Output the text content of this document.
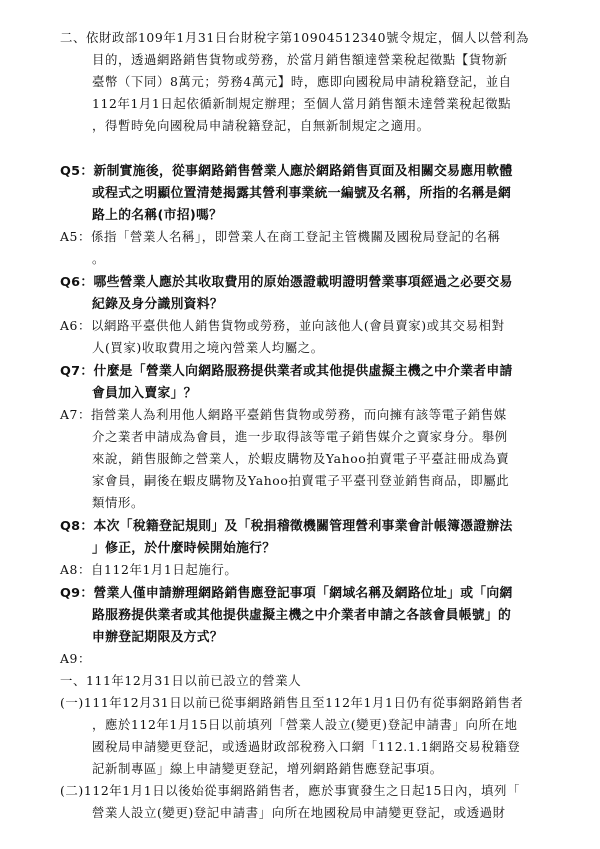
二、依財政部109年1月31日台財稅字第10904512340號令規定，個人以營利為
目的，透過網路銷售貨物或勞務，於當月銷售額達營業稅起徵點【貨物新
臺幣（下同）8萬元；勞務4萬元】時，應即向國稅局申請稅籍登記，並自
112年1月1日起依循新制規定辦理；至個人當月銷售額未達營業稅起徵點
，得暫時免向國稅局申請稅籍登記，自無新制規定之適用。
Q5：新制實施後，從事網路銷售營業人應於網路銷售頁面及相關交易應用軟體
或程式之明顯位置清楚揭露其營利事業統一編號及名稱，所指的名稱是網
路上的名稱(市招)嗎？
A5：係指「營業人名稱」，即營業人在商工登記主管機關及國稅局登記的名稱
。
Q6：哪些營業人應於其收取費用的原始憑證載明證明營業事項經過之必要交易
紀錄及身分識別資料？
A6：以網路平臺供他人銷售貨物或勞務，並向該他人(會員賣家)或其交易相對
人(買家)收取費用之境內營業人均屬之。
Q7：什麼是「營業人向網路服務提供業者或其他提供虛擬主機之中介業者申請
會員加入賣家」？
A7：指營業人為利用他人網路平臺銷售貨物或勞務，而向擁有該等電子銷售媒
介之業者申請成為會員，進一步取得該等電子銷售媒介之賣家身分。舉例
來說，銷售服飾之營業人，於蝦皮購物及Yahoo拍賣電子平臺註冊成為賣
家會員，嗣後在蝦皮購物及Yahoo拍賣電子平臺刊登並銷售商品，即屬此
類情形。
Q8：本次「稅籍登記規則」及「稅捐稽徵機關管理營利事業會計帳簿憑證辦法
」修正，於什麼時候開始施行？
A8：自112年1月1日起施行。
Q9：營業人僅申請辦理網路銷售應登記事項「網域名稱及網路位址」或「向網
路服務提供業者或其他提供虛擬主機之中介業者申請之各該會員帳號」的
申辦登記期限及方式？
A9：
一、111年12月31日以前已設立的營業人
(一)111年12月31日以前已從事網路銷售且至112年1月1日仍有從事網路銷售者
，應於112年1月15日以前填列「營業人設立(變更)登記申請書」向所在地
國稅局申請變更登記，或透過財政部稅務入口網「112.1.1網路交易稅籍登
記新制專區」線上申請變更登記，增列網路銷售應登記事項。
(二)112年1月1日以後始從事網路銷售者，應於事實發生之日起15日內，填列「
營業人設立(變更)登記申請書」向所在地國稅局申請變更登記，或透過財
